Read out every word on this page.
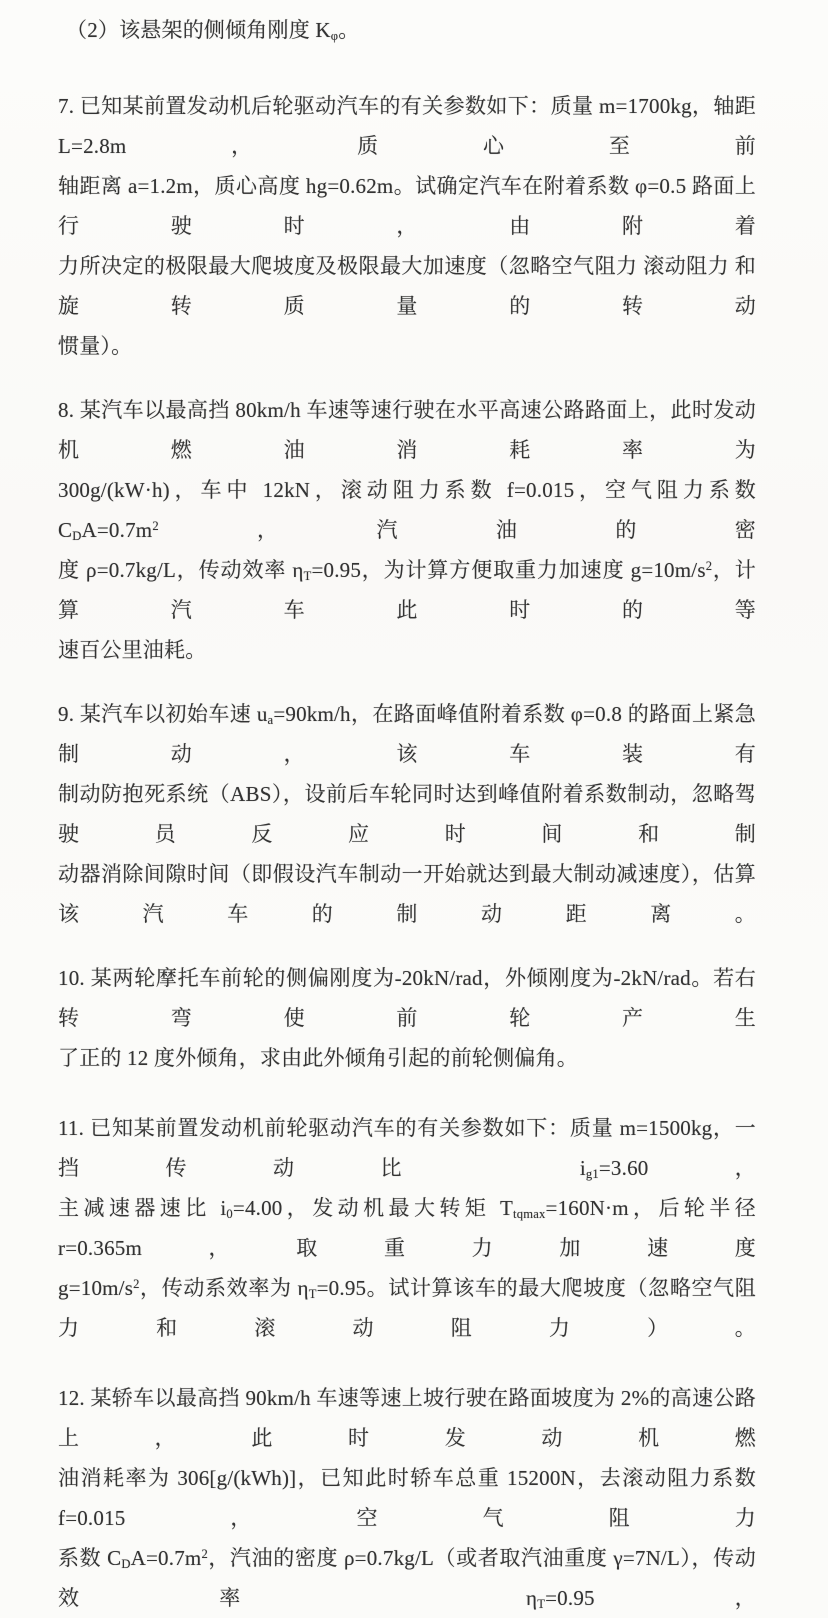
（2）该悬架的侧倾角刚度 $K_\varphi$。

7. 已知某前置发动机后轮驱动汽车的有关参数如下：质量 m=1700kg，轴距 L=2.8m，质心至前

轴距离 a=1.2m，质心高度 hg=0.62m。试确定汽车在附着系数 φ=0.5 路面上行驶时，由附着

力所决定的极限最大爬坡度及极限最大加速度（忽略空气阻力 滚动阻力 和旋转质量的转动

惯量）。

8. 某汽车以最高挡 80km/h 车速等速行驶在水平高速公路路面上，此时发动机燃油消耗率为

300g/(kW·h)，车中 12kN，滚动阻力系数 f=0.015，空气阻力系数 $C_DA=0.7m^2$，汽油的密

度 ρ=0.7kg/L，传动效率 $\eta_T=0.95$，为计算方便取重力加速度 $g=10m/s^2$，计算汽车此时的等

速百公里油耗。

9. 某汽车以初始车速 $u_a=90km/h$，在路面峰值附着系数 φ=0.8 的路面上紧急制动，该车装有

制动防抱死系统（ABS），设前后车轮同时达到峰值附着系数制动，忽略驾驶员反应时间和制

动器消除间隙时间（即假设汽车制动一开始就达到最大制动减速度），估算该汽车的制动距离。

10. 某两轮摩托车前轮的侧偏刚度为-20kN/rad，外倾刚度为-2kN/rad。若右转弯使前轮产生

了正的 12 度外倾角，求由此外倾角引起的前轮侧偏角。

11. 已知某前置发动机前轮驱动汽车的有关参数如下：质量 m=1500kg，一挡传动比 $i_{g1}=3.60$，

主减速器速比 $i_0=4.00$，发动机最大转矩 $T_{tqmax}=160N\cdot m$，后轮半径 r=0.365m，取重力加速度

$g=10m/s^2$，传动系效率为 $\eta_T=0.95$。试计算该车的最大爬坡度（忽略空气阻力和滚动阻力）。

12. 某轿车以最高挡 90km/h 车速等速上坡行驶在路面坡度为 2%的高速公路上，此时发动机燃

油消耗率为 306[g/(kWh)]，已知此时轿车总重 15200N，去滚动阻力系数 f=0.015，空气阻力

系数 $C_DA=0.7m^2$，汽油的密度 ρ=0.7kg/L（或者取汽油重度 γ=7N/L），传动效率 $\eta_T=0.95$，
